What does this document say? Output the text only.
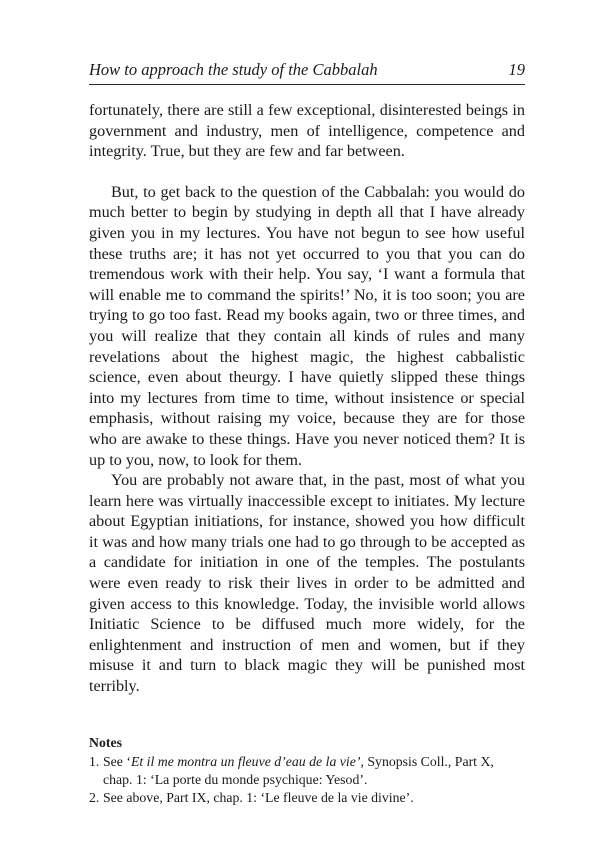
How to approach the study of the Cabbalah	19

fortunately, there are still a few exceptional, disinterested beings in government and industry, men of intelligence, competence and integrity. True, but they are few and far between.

But, to get back to the question of the Cabbalah: you would do much better to begin by studying in depth all that I have already given you in my lectures. You have not begun to see how useful these truths are; it has not yet occurred to you that you can do tremendous work with their help. You say, ‘I want a formula that will enable me to command the spirits!’ No, it is too soon; you are trying to go too fast. Read my books again, two or three times, and you will realize that they contain all kinds of rules and many revelations about the highest magic, the highest cabbalistic science, even about theurgy. I have quietly slipped these things into my lectures from time to time, without insistence or special emphasis, without raising my voice, because they are for those who are awake to these things. Have you never noticed them? It is up to you, now, to look for them.

You are probably not aware that, in the past, most of what you learn here was virtually inaccessible except to initiates. My lecture about Egyptian initiations, for instance, showed you how difficult it was and how many trials one had to go through to be accepted as a candidate for initiation in one of the temples. The postulants were even ready to risk their lives in order to be admitted and given access to this knowledge. Today, the invisible world allows Initiatic Science to be diffused much more widely, for the enlightenment and instruction of men and women, but if they misuse it and turn to black magic they will be punished most terribly.

Notes

1. See ‘Et il me montra un fleuve d’eau de la vie’, Synopsis Coll., Part X, chap. 1: ‘La porte du monde psychique: Yesod’.
2. See above, Part IX, chap. 1: ‘Le fleuve de la vie divine’.
